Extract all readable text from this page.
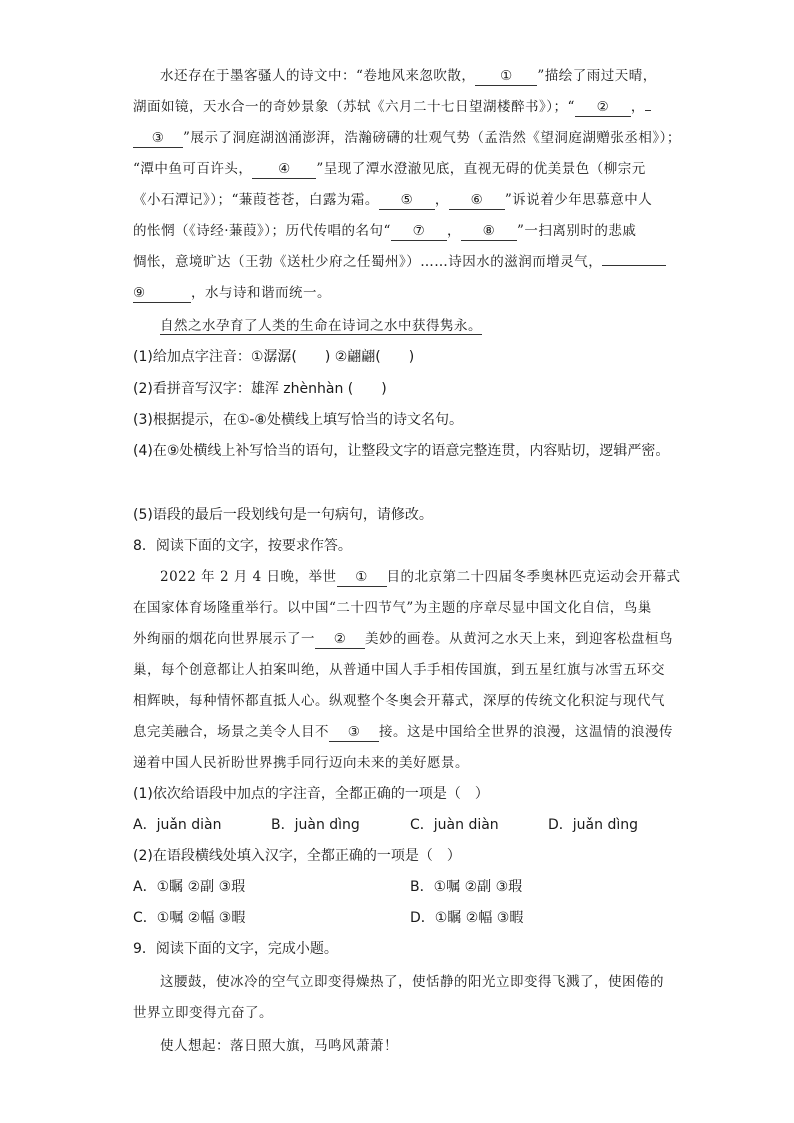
水还存在于墨客骚人的诗文中：“卷地风来忽吹散， ① ”描绘了雨过天晴，
湖面如镜，天水合一的奇妙景象（苏轼《六月二十七日望湖楼醉书》）；“ ② ，
③ ”展示了洞庭湖汹涌澎湃，浩瀚磅礴的壮观气势（孟浩然《望洞庭湖赠张丞相》）；
“潭中鱼可百许头， ④ ”呈现了潭水澄澈见底，直视无碍的优美景色（柳宗元
《小石潭记》）；“蒹葭苍苍，白露为霜。 ⑤ ， ⑥ ”诉说着少年思慕意中人
的怅惘（《诗经·蒹葭》）；历代传唱的名句“ ⑦ ， ⑧ ”一扫离别时的悲戚
惆怅，意境旷达（王勃《送杜少府之任蜀州》）……诗因水的滋润而增灵气，
⑨	，水与诗和谐而统一。
自然之水孕育了人类的生命在诗词之水中获得隽永。
(1)给加点字注音：①潺潺(　　) ②翩翩(　　)
(2)看拼音写汉字：雄浑 zhènhàn (　　)
(3)根据提示，在①-⑧处横线上填写恰当的诗文名句。
(4)在⑨处横线上补写恰当的语句，让整段文字的语意完整连贯，内容贴切，逻辑严密。
(5)语段的最后一段划线句是一句病句，请修改。
8．阅读下面的文字，按要求作答。
2022 年 2 月 4 日晚，举世 ① 目的北京第二十四届冬季奥林匹克运动会开幕式
在国家体育场隆重举行。以中国“二十四节气”为主题的序章尽显中国文化自信，鸟巢
外绚丽的烟花向世界展示了一 ② 美妙的画卷。从黄河之水天上来，到迎客松盘桓鸟
巢，每个创意都让人拍案叫绝，从普通中国人手手相传国旗，到五星红旗与冰雪五环交
相辉映，每种情怀都直抵人心。纵观整个冬奥会开幕式，深厚的传统文化积淀与现代气
息完美融合，场景之美令人目不 ③ 接。这是中国给全世界的浪漫，这温情的浪漫传
递着中国人民祈盼世界携手同行迈向未来的美好愿景。
(1)依次给语段中加点的字注音，全都正确的一项是（　）
A．juǎn diàn	B．juàn dìng	C．juàn diàn	D．juǎn dìng
(2)在语段横线处填入汉字，全都正确的一项是（　）
A．①瞩 ②副 ③瑕	B．①嘱 ②副 ③瑕
C．①嘱 ②幅 ③暇	D．①瞩 ②幅 ③暇
9．阅读下面的文字，完成小题。
这腰鼓，使冰冷的空气立即变得燥热了，使恬静的阳光立即变得飞溅了，使困倦的
世界立即变得亢奋了。
使人想起：落日照大旗，马鸣风萧萧！
